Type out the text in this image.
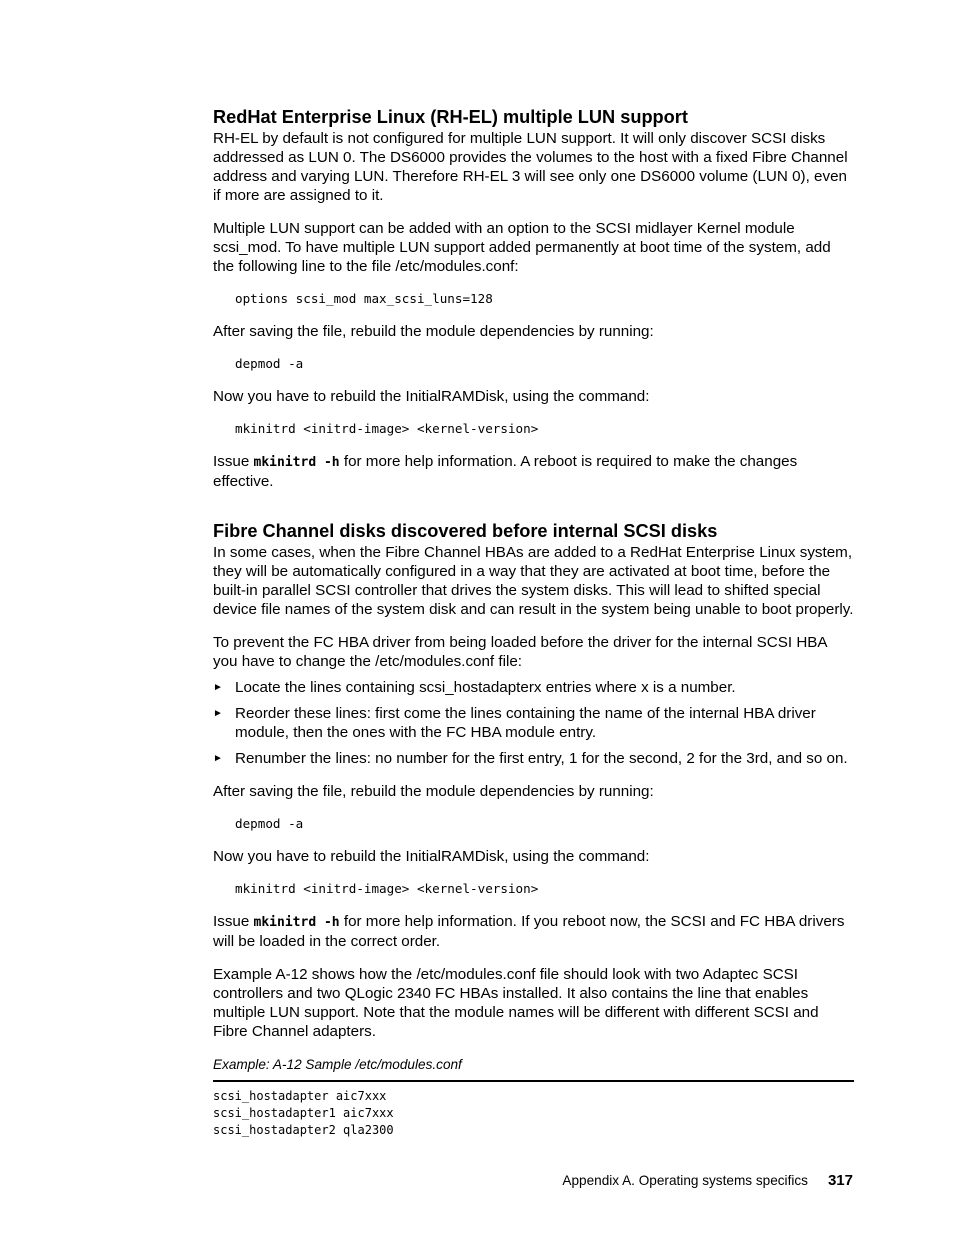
RedHat Enterprise Linux (RH-EL) multiple LUN support

RH-EL by default is not configured for multiple LUN support. It will only discover SCSI disks addressed as LUN 0. The DS6000 provides the volumes to the host with a fixed Fibre Channel address and varying LUN. Therefore RH-EL 3 will see only one DS6000 volume (LUN 0), even if more are assigned to it.

Multiple LUN support can be added with an option to the SCSI midlayer Kernel module scsi_mod. To have multiple LUN support added permanently at boot time of the system, add the following line to the file /etc/modules.conf:

options scsi_mod max_scsi_luns=128

After saving the file, rebuild the module dependencies by running:

depmod -a

Now you have to rebuild the InitialRAMDisk, using the command:

mkinitrd <initrd-image> <kernel-version>

Issue mkinitrd -h for more help information. A reboot is required to make the changes effective.

Fibre Channel disks discovered before internal SCSI disks

In some cases, when the Fibre Channel HBAs are added to a RedHat Enterprise Linux system, they will be automatically configured in a way that they are activated at boot time, before the built-in parallel SCSI controller that drives the system disks. This will lead to shifted special device file names of the system disk and can result in the system being unable to boot properly.

To prevent the FC HBA driver from being loaded before the driver for the internal SCSI HBA you have to change the /etc/modules.conf file:

► Locate the lines containing scsi_hostadapterx entries where x is a number.
► Reorder these lines: first come the lines containing the name of the internal HBA driver module, then the ones with the FC HBA module entry.
► Renumber the lines: no number for the first entry, 1 for the second, 2 for the 3rd, and so on.

After saving the file, rebuild the module dependencies by running:

depmod -a

Now you have to rebuild the InitialRAMDisk, using the command:

mkinitrd <initrd-image> <kernel-version>

Issue mkinitrd -h for more help information. If you reboot now, the SCSI and FC HBA drivers will be loaded in the correct order.

Example A-12 shows how the /etc/modules.conf file should look with two Adaptec SCSI controllers and two QLogic 2340 FC HBAs installed. It also contains the line that enables multiple LUN support. Note that the module names will be different with different SCSI and Fibre Channel adapters.

Example: A-12 Sample /etc/modules.conf
scsi_hostadapter aic7xxx
scsi_hostadapter1 aic7xxx
scsi_hostadapter2 qla2300
Appendix A. Operating systems specifics 317
